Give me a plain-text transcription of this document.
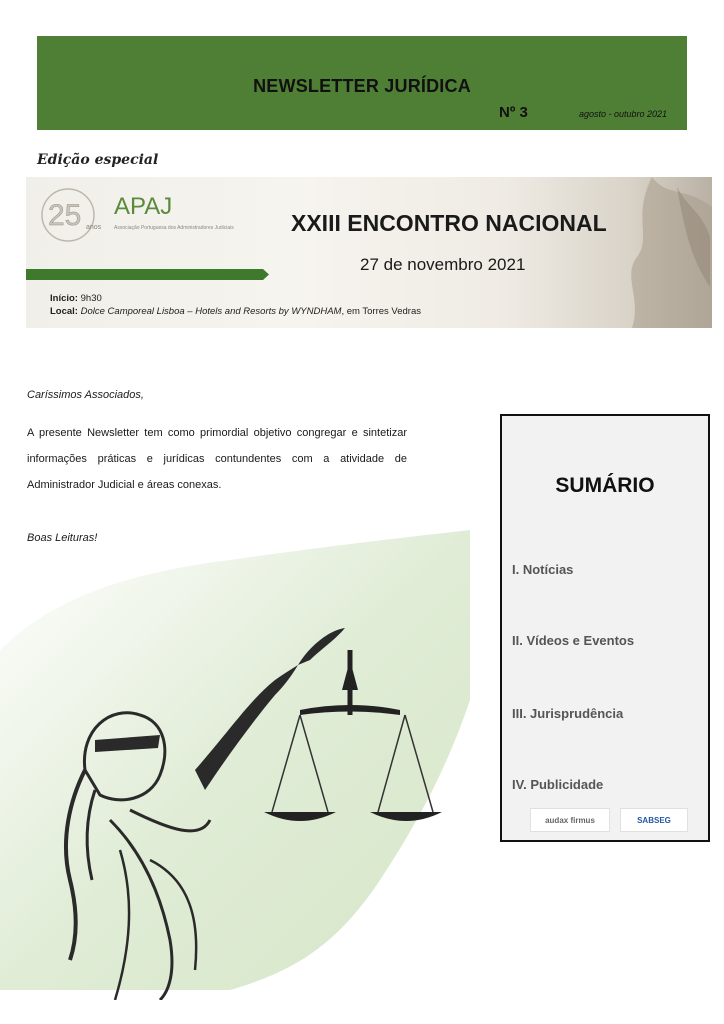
NEWSLETTER JURÍDICA
Nº 3	agosto - outubro 2021
Edição especial
25 anos
APAJ
Associação Portuguesa dos Administradores Judiciais XXIII ENCONTRO NACIONAL
27 de novembro 2021
Início: 9h30
Local: Dolce Camporeal Lisboa – Hotels and Resorts by WYNDHAM, em Torres Vedras
Caríssimos Associados,
A presente Newsletter tem como primordial objetivo congregar e sintetizar informações práticas e jurídicas contundentes com a atividade de Administrador Judicial e áreas conexas.
Boas Leituras!
SUMÁRIO
I. Notícias
II. Vídeos e Eventos
III. Jurisprudência
IV. Publicidade
audax firmus	SABSEG
